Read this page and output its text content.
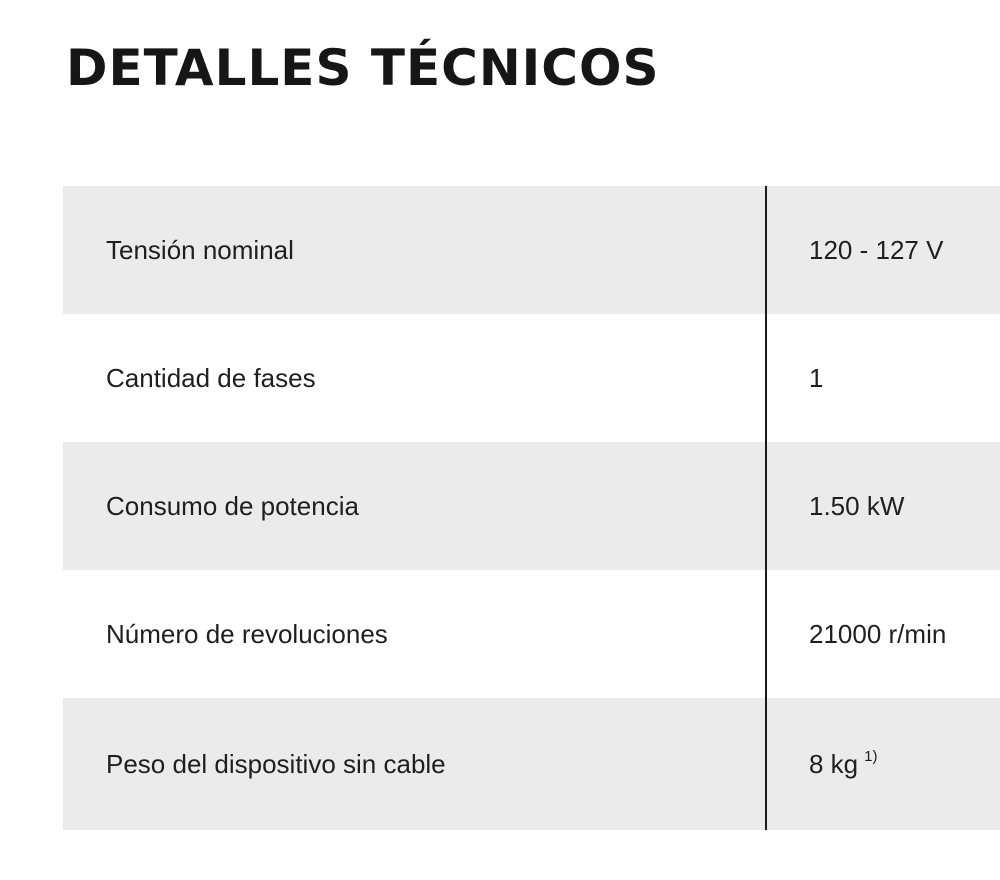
DETALLES TÉCNICOS
Tensión nominal	120 - 127 V
Cantidad de fases	1
Consumo de potencia	1.50 kW
Número de revoluciones	21000 r/min
Peso del dispositivo sin cable	8 kg $^{1)}$
